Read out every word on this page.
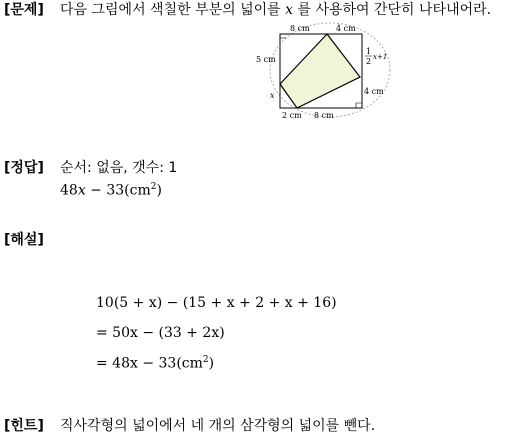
[문제] 다음 그림에서 색칠한 부분의 넓이를 x 를 사용하여 간단히 나타내어라.
8 cm	4 cm
5 cm
1
2 x+1
4 cm
x
2 cm 8 cm
[정답] 순서: 없음, 갯수: 1
$48x - 33(cm^2)$
[해설]
10(5 + x) − (15 + x + 2 + x + 16)
= 50x − (33 + 2x)
= $48x - 33(cm^2)$
[힌트] 직사각형의 넓이에서 네 개의 삼각형의 넓이를 뺀다.
